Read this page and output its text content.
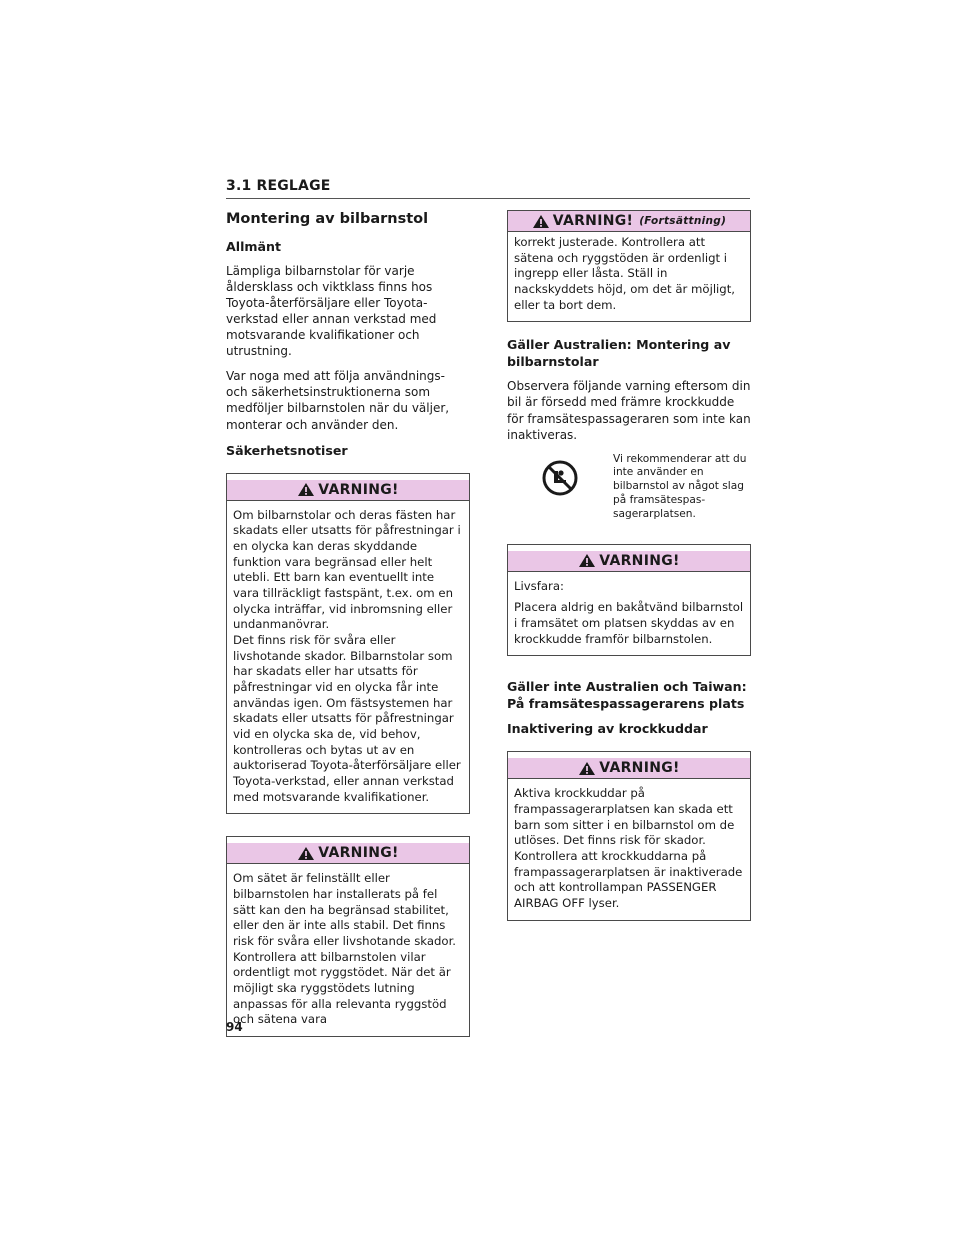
3.1 REGLAGE
Montering av bilbarnstol
Allmänt

Lämpliga bilbarnstolar för varje åldersklass och viktklass finns hos Toyota-återförsäljare eller Toyota-verkstad eller annan verkstad med motsvarande kvalifikationer och utrustning.

Var noga med att följa användnings- och säkerhetsinstruktionerna som medföljer bilbarnstolen när du väljer, monterar och använder den.

Säkerhetsnotiser
VARNING!

Om bilbarnstolar och deras fästen har skadats eller utsatts för påfrestningar i en olycka kan deras skyddande funktion vara begränsad eller helt utebli. Ett barn kan eventuellt inte vara tillräckligt fastspänt, t.ex. om en olycka inträffar, vid inbromsning eller undanmanövrar.

Det finns risk för svåra eller livshotande skador. Bilbarnstolar som har skadats eller har utsatts för påfrestningar vid en olycka får inte användas igen. Om fästsystemen har skadats eller utsatts för påfrestningar vid en olycka ska de, vid behov, kontrolleras och bytas ut av en auktoriserad Toyota-återförsäljare eller Toyota-verkstad, eller annan verkstad med motsvarande kvalifikationer.

VARNING!

Om sätet är felinställt eller bilbarnstolen har installerats på fel sätt kan den ha begränsad stabilitet, eller den är inte alls stabil. Det finns risk för svåra eller livshotande skador. Kontrollera att bilbarnstolen vilar ordentligt mot ryggstödet. När det är möjligt ska ryggstödets lutning anpassas för alla relevanta ryggstöd och sätena vara

VARNING! (Fortsättning)

korrekt justerade. Kontrollera att sätena och ryggstöden är ordenligt i ingrepp eller låsta. Ställ in nackskyddets höjd, om det är möjligt, eller ta bort dem.

Gäller Australien: Montering av bilbarnstolar

Observera följande varning eftersom din bil är försedd med främre krockkudde för framsätespassageraren som inte kan inaktiveras.

Vi rekommenderar att du inte använder en bilbarnstol av något slag på framsätespas-sagerarplatsen.
VARNING!

Livsfara:

Placera aldrig en bakåtvänd bilbarnstol i framsätet om platsen skyddas av en krockkudde framför bilbarnstolen.

Gäller inte Australien och Taiwan: På framsätespassagerarens plats
Inaktivering av krockkuddar
VARNING!

Aktiva krockkuddar på frampassagerarplatsen kan skada ett barn som sitter i en bilbarnstol om de utlöses. Det finns risk för skador. Kontrollera att krockkuddarna på frampassagerarplatsen är inaktiverade och att kontrollampan PASSENGER AIRBAG OFF lyser.

94
